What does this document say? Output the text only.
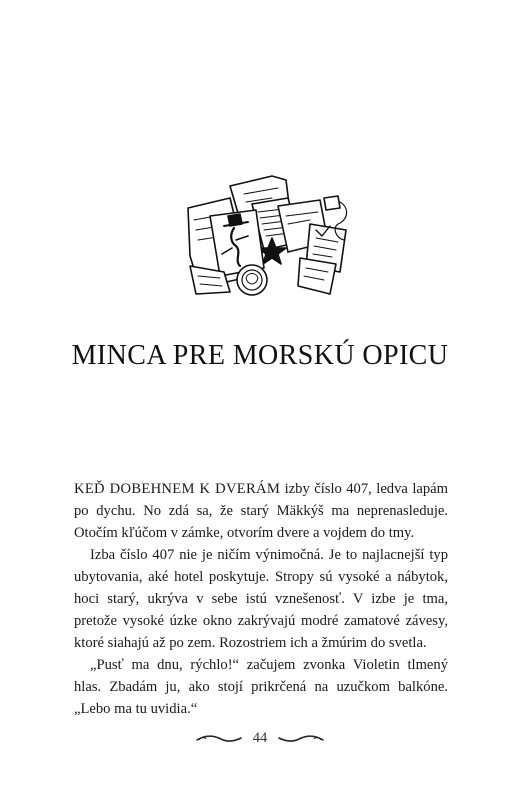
MINCA PRE MORSKÚ OPICU

KEĎ DOBEHNEM K DVERÁM izby číslo 407, ledva lapám po dychu. No zdá sa, že starý Mäkkýš ma neprenasleduje. Otočím kľúčom v zámke, otvorím dvere a vojdem do tmy.

Izba číslo 407 nie je ničím výnimočná. Je to najlacnejší typ ubytovania, aké hotel poskytuje. Stropy sú vysoké a nábytok, hoci starý, ukrýva v sebe istú vznešenosť. V izbe je tma, pretože vysoké úzke okno zakrývajú modré zamatové závesy, ktoré siahajú až po zem. Rozostriem ich a žmúrim do svetla.

„Pusť ma dnu, rýchlo!“ začujem zvonka Violetin tlmený hlas. Zbadám ju, ako stojí prikrčená na uzučkom balkóne. „Lebo ma tu uvidia.“

44
